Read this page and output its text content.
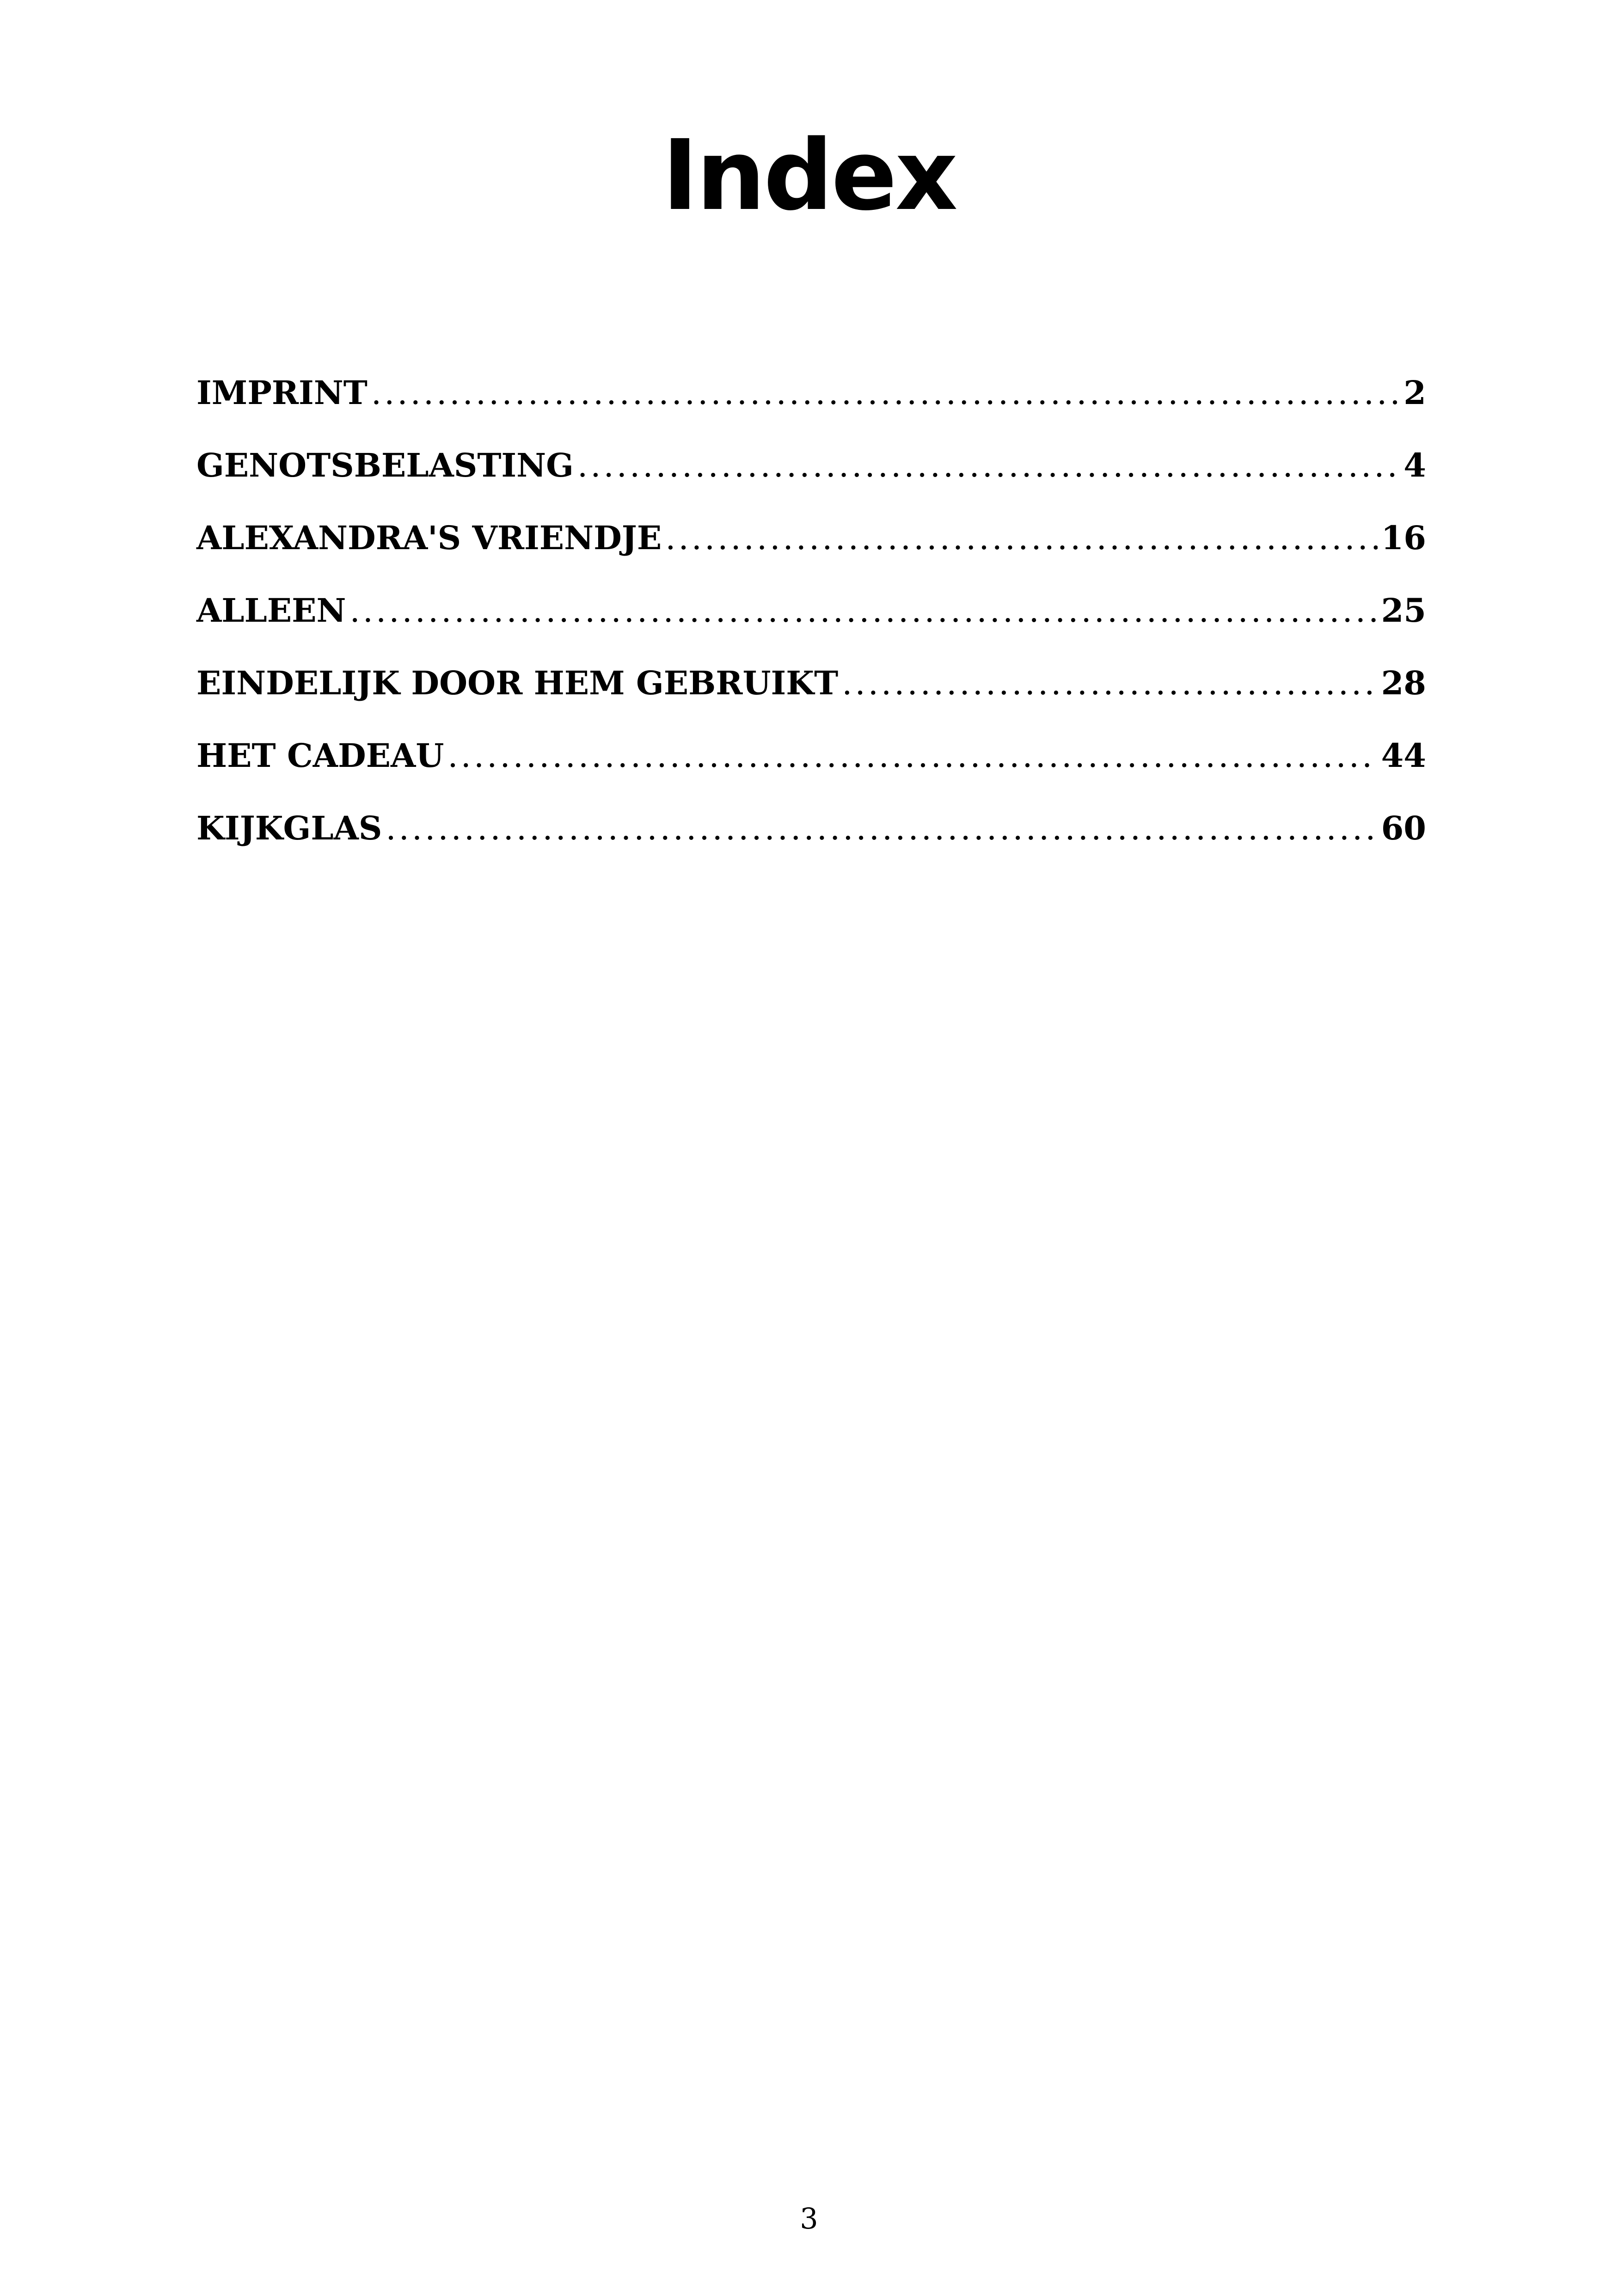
Index
IMPRINT .....	2
GENOTSBELASTING .....	4
ALEXANDRA'S VRIENDJE .....	16
ALLEEN .....	25
EINDELIJK DOOR HEM GEBRUIKT .....	28
HET CADEAU .....	44
KIJKGLAS .....	60
3
